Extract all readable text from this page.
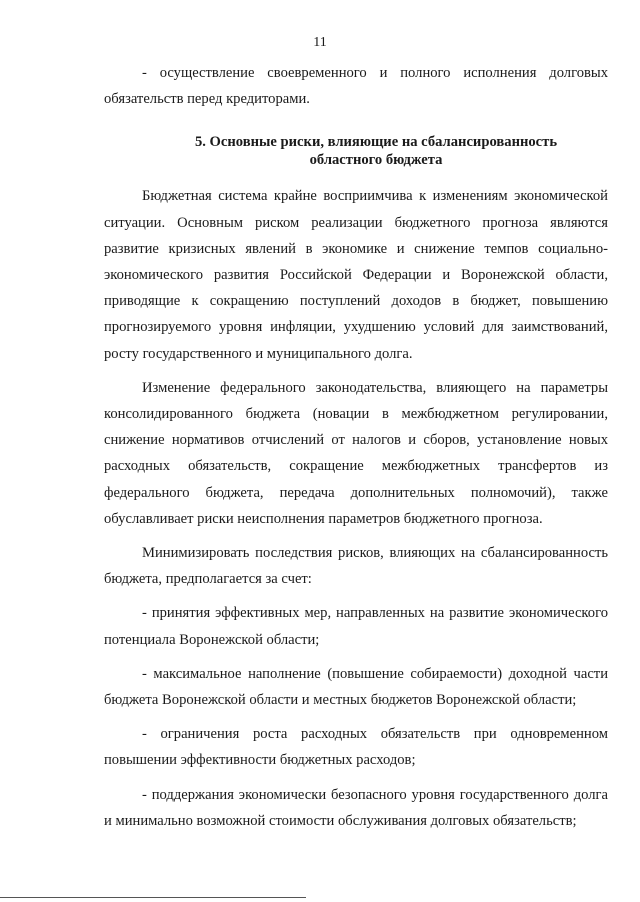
11

- осуществление своевременного и полного исполнения долговых обязательств перед кредиторами.

5. Основные риски, влияющие на сбалансированность областного бюджета

Бюджетная система крайне восприимчива к изменениям экономической ситуации. Основным риском реализации бюджетного прогноза являются развитие кризисных явлений в экономике и снижение темпов социально-экономического развития Российской Федерации и Воронежской области, приводящие к сокращению поступлений доходов в бюджет, повышению прогнозируемого уровня инфляции, ухудшению условий для заимствований, росту государственного и муниципального долга.

Изменение федерального законодательства, влияющего на параметры консолидированного бюджета (новации в межбюджетном регулировании, снижение нормативов отчислений от налогов и сборов, установление новых расходных обязательств, сокращение межбюджетных трансфертов из федерального бюджета, передача дополнительных полномочий), также обуславливает риски неисполнения параметров бюджетного прогноза.

Минимизировать последствия рисков, влияющих на сбалансированность бюджета, предполагается за счет:

- принятия эффективных мер, направленных на развитие экономического потенциала Воронежской области;

- максимальное наполнение (повышение собираемости) доходной части бюджета Воронежской области и местных бюджетов Воронежской области;

- ограничения роста расходных обязательств при одновременном повышении эффективности бюджетных расходов;

- поддержания экономически безопасного уровня государственного долга и минимально возможной стоимости обслуживания долговых обязательств;
